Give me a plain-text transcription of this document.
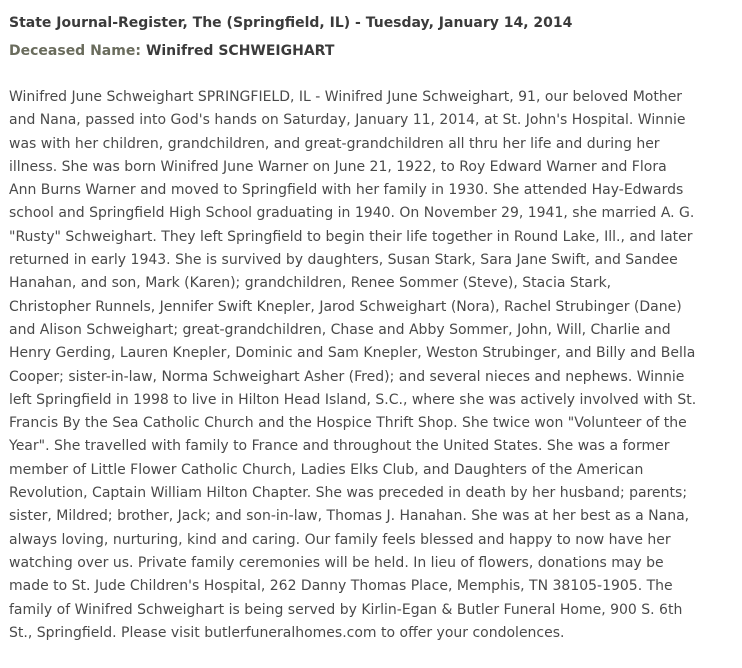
State Journal-Register, The (Springfield, IL) - Tuesday, January 14, 2014
Deceased Name: Winifred SCHWEIGHART
Winifred June Schweighart SPRINGFIELD, IL - Winifred June Schweighart, 91, our beloved Mother
and Nana, passed into God's hands on Saturday, January 11, 2014, at St. John's Hospital. Winnie
was with her children, grandchildren, and great-grandchildren all thru her life and during her
illness. She was born Winifred June Warner on June 21, 1922, to Roy Edward Warner and Flora
Ann Burns Warner and moved to Springfield with her family in 1930. She attended Hay-Edwards
school and Springfield High School graduating in 1940. On November 29, 1941, she married A. G.
"Rusty" Schweighart. They left Springfield to begin their life together in Round Lake, Ill., and later
returned in early 1943. She is survived by daughters, Susan Stark, Sara Jane Swift, and Sandee
Hanahan, and son, Mark (Karen); grandchildren, Renee Sommer (Steve), Stacia Stark,
Christopher Runnels, Jennifer Swift Knepler, Jarod Schweighart (Nora), Rachel Strubinger (Dane)
and Alison Schweighart; great-grandchildren, Chase and Abby Sommer, John, Will, Charlie and
Henry Gerding, Lauren Knepler, Dominic and Sam Knepler, Weston Strubinger, and Billy and Bella
Cooper; sister-in-law, Norma Schweighart Asher (Fred); and several nieces and nephews. Winnie
left Springfield in 1998 to live in Hilton Head Island, S.C., where she was actively involved with St.
Francis By the Sea Catholic Church and the Hospice Thrift Shop. She twice won "Volunteer of the
Year". She travelled with family to France and throughout the United States. She was a former
member of Little Flower Catholic Church, Ladies Elks Club, and Daughters of the American
Revolution, Captain William Hilton Chapter. She was preceded in death by her husband; parents;
sister, Mildred; brother, Jack; and son-in-law, Thomas J. Hanahan. She was at her best as a Nana,
always loving, nurturing, kind and caring. Our family feels blessed and happy to now have her
watching over us. Private family ceremonies will be held. In lieu of flowers, donations may be
made to St. Jude Children's Hospital, 262 Danny Thomas Place, Memphis, TN 38105-1905. The
family of Winifred Schweighart is being served by Kirlin-Egan & Butler Funeral Home, 900 S. 6th
St., Springfield. Please visit butlerfuneralhomes.com to offer your condolences.
